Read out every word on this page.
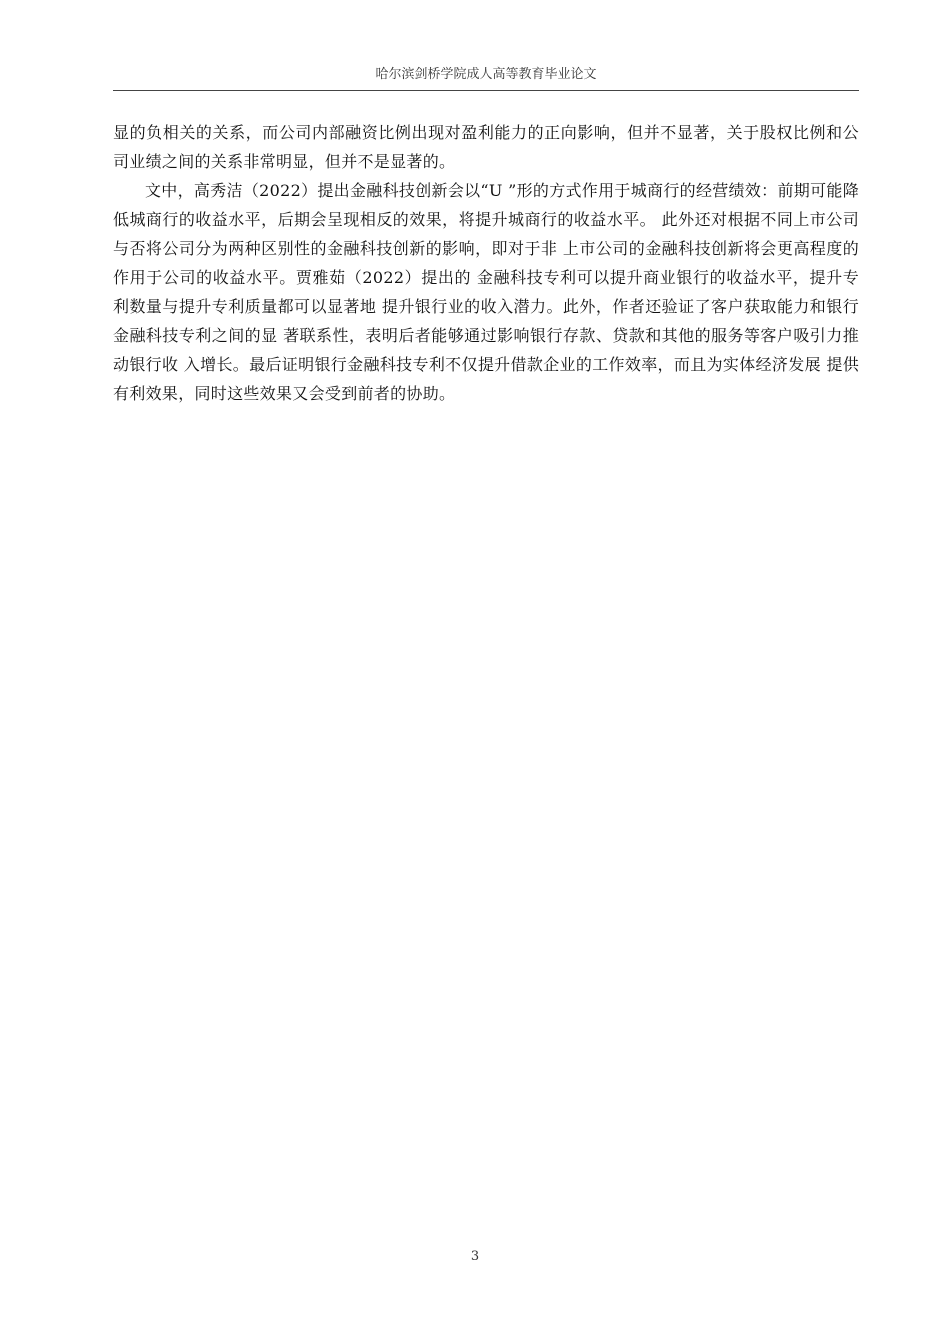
哈尔滨剑桥学院成人高等教育毕业论文

显的负相关的关系，而公司内部融资比例出现对盈利能力的正向影响，但并不显著，关于股权比例和公司业绩之间的关系非常明显，但并不是显著的。

文中，高秀洁（2022）提出金融科技创新会以“U ”形的方式作用于城商行的经营绩效：前期可能降低城商行的收益水平，后期会呈现相反的效果，将提升城商行的收益水平。 此外还对根据不同上市公司与否将公司分为两种区别性的金融科技创新的影响，即对于非 上市公司的金融科技创新将会更高程度的作用于公司的收益水平。贾雅茹（2022）提出的 金融科技专利可以提升商业银行的收益水平，提升专利数量与提升专利质量都可以显著地 提升银行业的收入潜力。此外，作者还验证了客户获取能力和银行金融科技专利之间的显 著联系性，表明后者能够通过影响银行存款、贷款和其他的服务等客户吸引力推动银行收 入增长。最后证明银行金融科技专利不仅提升借款企业的工作效率，而且为实体经济发展 提供有利效果，同时这些效果又会受到前者的协助。

3
